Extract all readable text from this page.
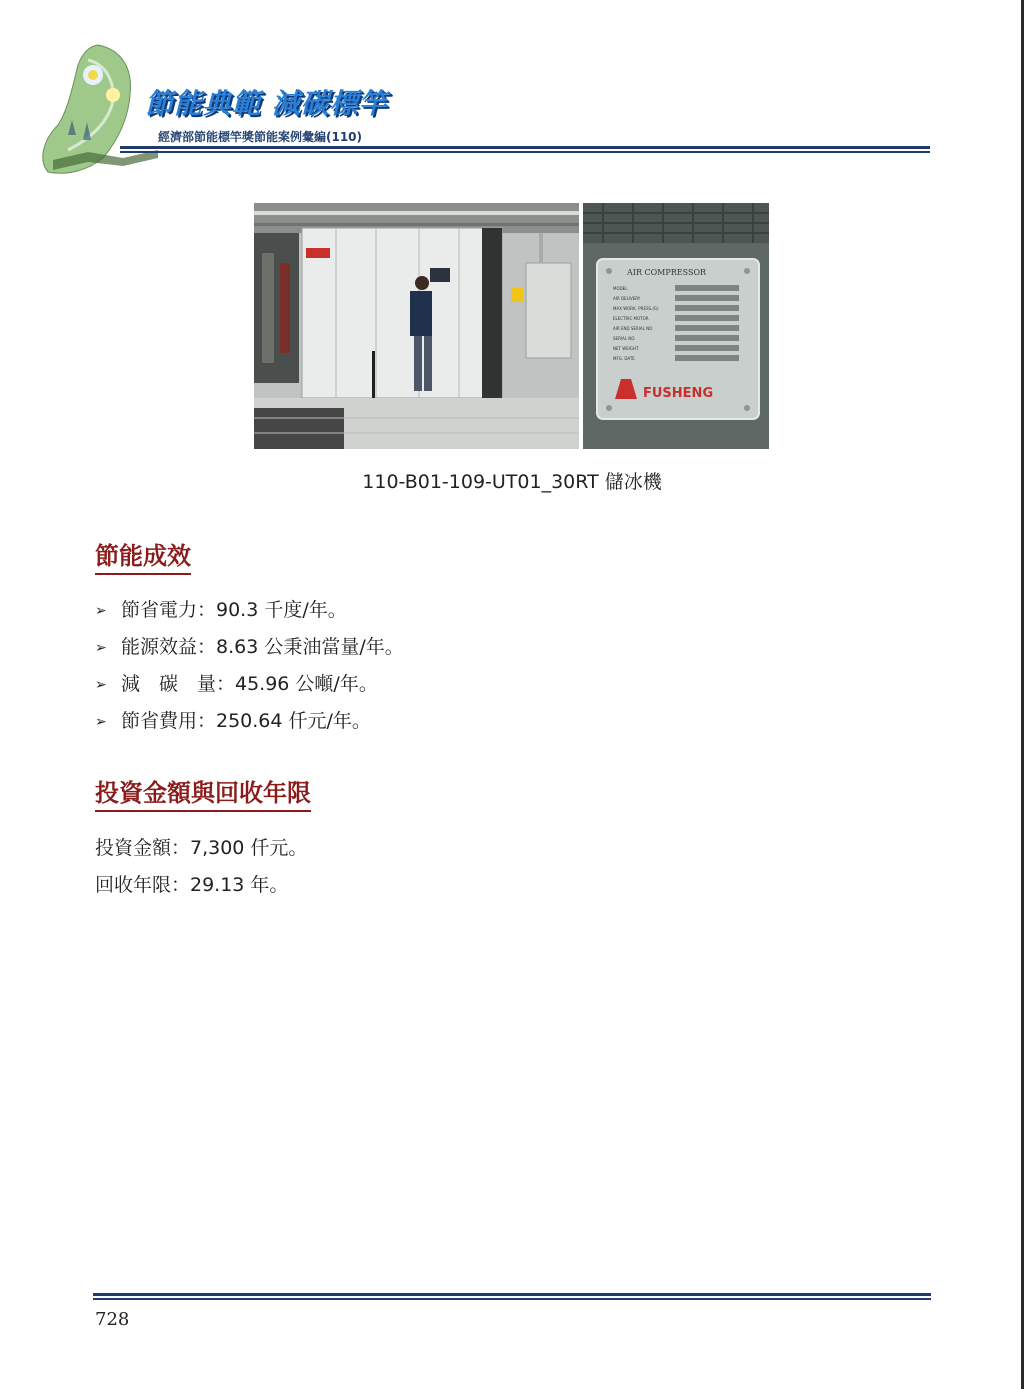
節能典範 減碳標竿
經濟部節能標竿獎節能案例彙編(110)
AIR COMPRESSOR
MODEL
AIR DELIVERY
MAX.WORK. PRESS.(G)
ELECTRIC MOTOR
AIR END SERIAL NO.
SERIAL NO.
NET WEIGHT
MFG. DATE
FUSHENG
110-B01-109-UT01_30RT 儲冰機
節能成效
➢ 節省電力：90.3 千度/年。
➢ 能源效益：8.63 公秉油當量/年。
➢ 減　碳　量：45.96 公噸/年。
➢ 節省費用：250.64 仟元/年。
投資金額與回收年限
投資金額：7,300 仟元。
回收年限：29.13 年。
728
